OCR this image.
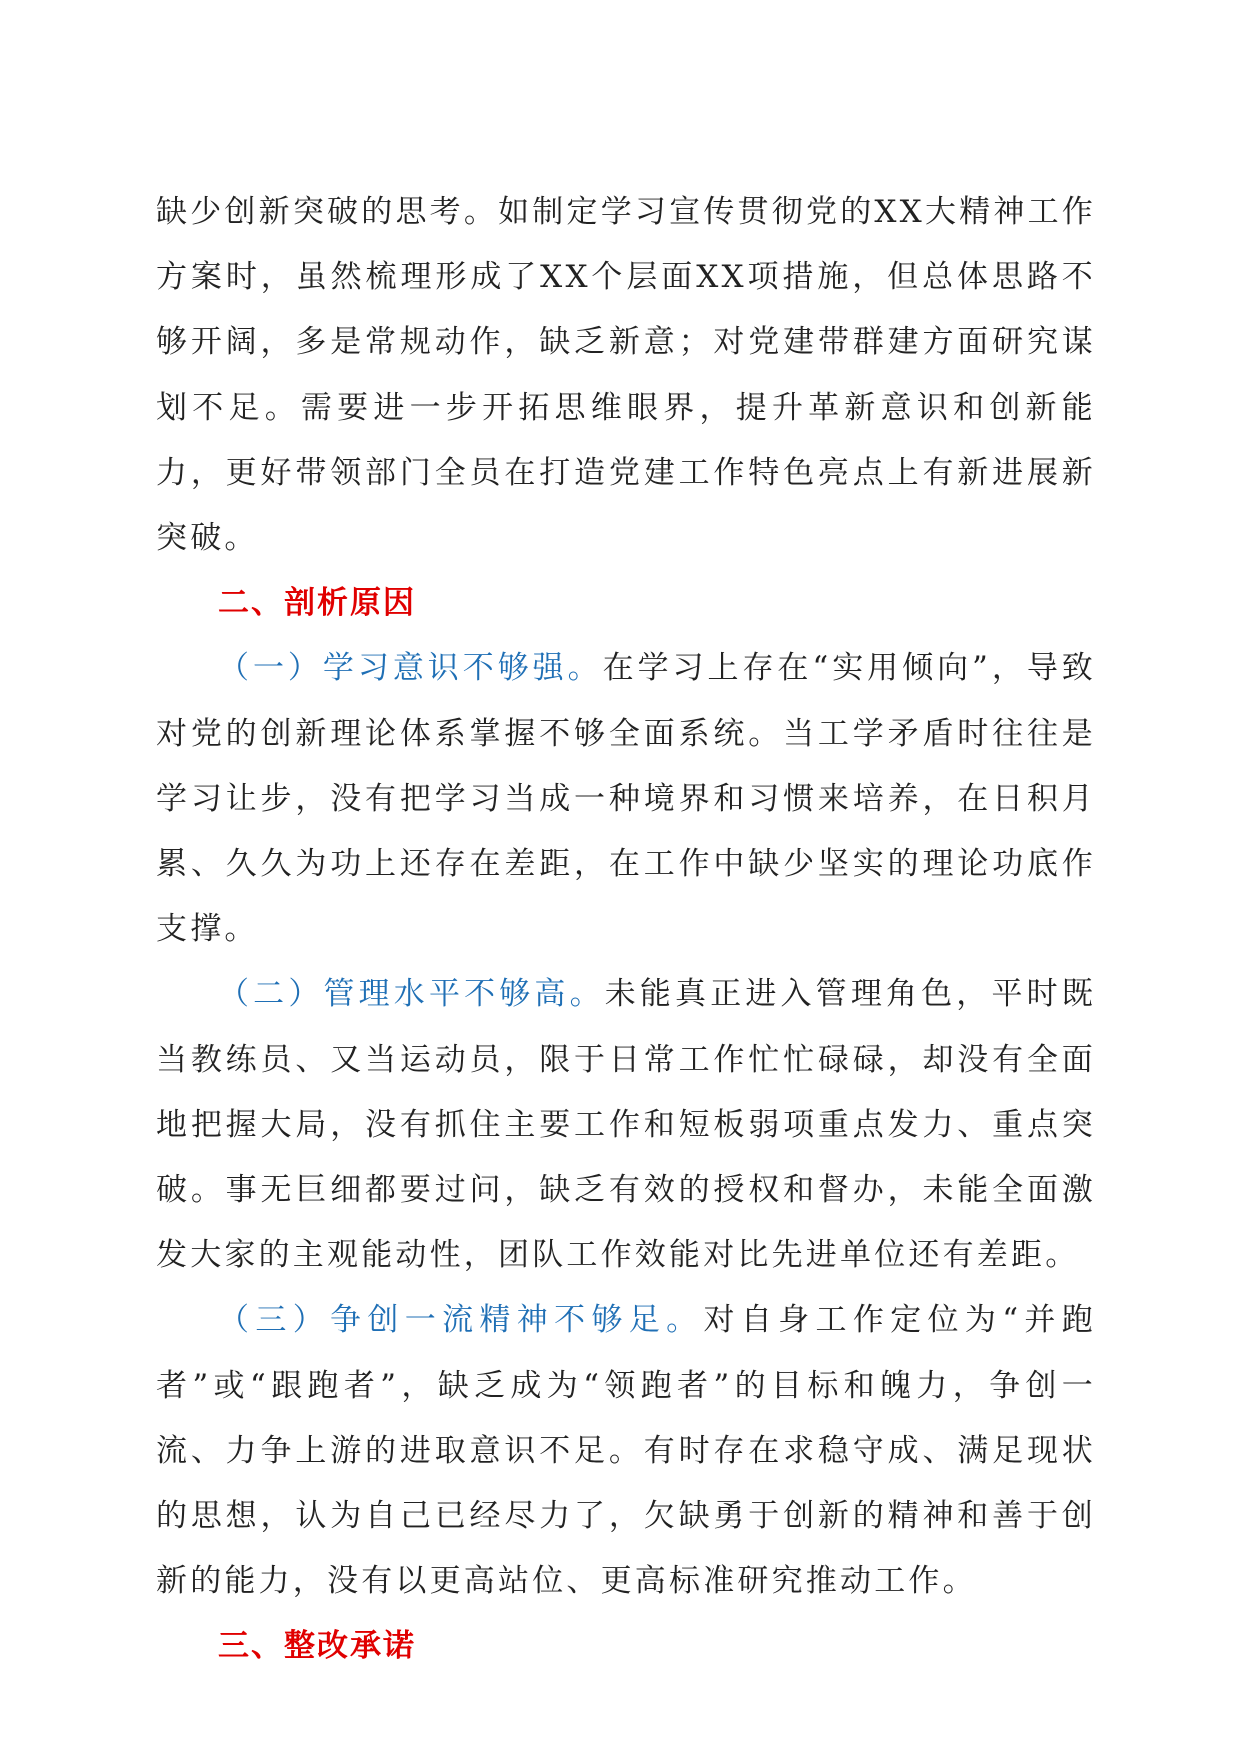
缺少创新突破的思考。如制定学习宣传贯彻党的XX大精神工作方案时，虽然梳理形成了XX个层面XX项措施，但总体思路不够开阔，多是常规动作，缺乏新意；对党建带群建方面研究谋划不足。需要进一步开拓思维眼界，提升革新意识和创新能力，更好带领部门全员在打造党建工作特色亮点上有新进展新突破。

二、剖析原因

（一）学习意识不够强。在学习上存在“实用倾向”，导致对党的创新理论体系掌握不够全面系统。当工学矛盾时往往是学习让步，没有把学习当成一种境界和习惯来培养，在日积月累、久久为功上还存在差距，在工作中缺少坚实的理论功底作支撑。

（二）管理水平不够高。未能真正进入管理角色，平时既当教练员、又当运动员，限于日常工作忙忙碌碌，却没有全面地把握大局，没有抓住主要工作和短板弱项重点发力、重点突破。事无巨细都要过问，缺乏有效的授权和督办，未能全面激发大家的主观能动性，团队工作效能对比先进单位还有差距。

（三）争创一流精神不够足。对自身工作定位为“并跑者”或“跟跑者”，缺乏成为“领跑者”的目标和魄力，争创一流、力争上游的进取意识不足。有时存在求稳守成、满足现状的思想，认为自己已经尽力了，欠缺勇于创新的精神和善于创新的能力，没有以更高站位、更高标准研究推动工作。

三、整改承诺
